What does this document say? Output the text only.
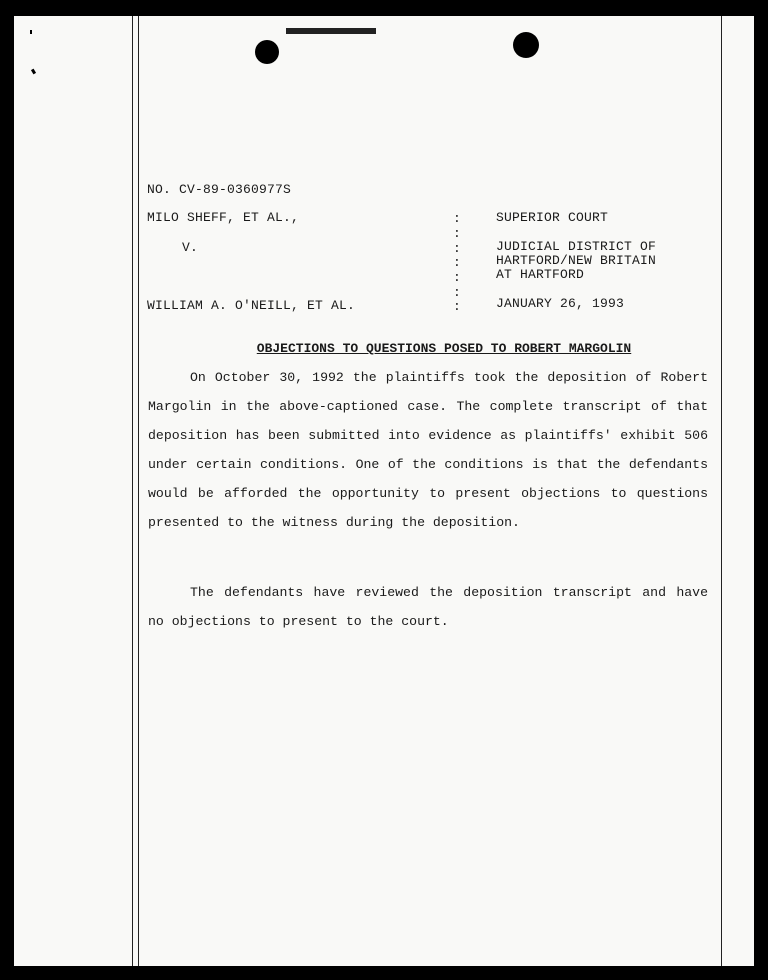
NO. CV-89-0360977S
MILO SHEFF, ET AL.,
V.
WILLIAM A. O'NEILL, ET AL.
:
:
:
:
:
:
:
SUPERIOR COURT
JUDICIAL DISTRICT OF
HARTFORD/NEW BRITAIN
AT HARTFORD
JANUARY 26, 1993
OBJECTIONS TO QUESTIONS POSED TO ROBERT MARGOLIN

On October 30, 1992 the plaintiffs took the deposition of Robert Margolin in the above-captioned case. The complete transcript of that deposition has been submitted into evidence as plaintiffs' exhibit 506 under certain conditions. One of the conditions is that the defendants would be afforded the opportunity to present objections to questions presented to the witness during the deposition.

The defendants have reviewed the deposition transcript and have no objections to present to the court.
